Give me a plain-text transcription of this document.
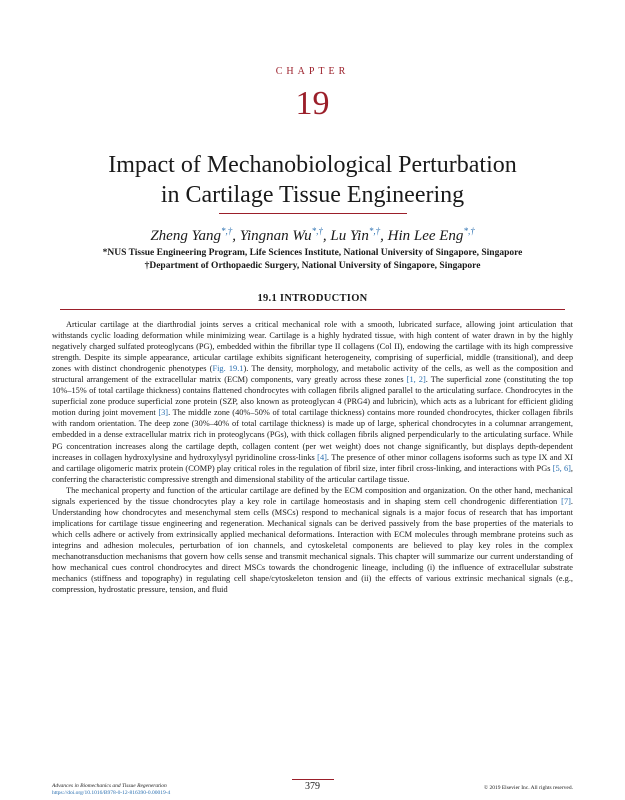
CHAPTER
19
Impact of Mechanobiological Perturbation
in Cartilage Tissue Engineering
Zheng Yang*,†, Yingnan Wu*,†, Lu Yin*,†, Hin Lee Eng*,†
*NUS Tissue Engineering Program, Life Sciences Institute, National University of Singapore, Singapore
†Department of Orthopaedic Surgery, National University of Singapore, Singapore
19.1 INTRODUCTION

Articular cartilage at the diarthrodial joints serves a critical mechanical role with a smooth, lubricated surface, allowing joint articulation that withstands cyclic loading deformation while minimizing wear. Cartilage is a highly hydrated tissue, with high content of water drawn in by the highly negatively charged sulfated proteoglycans (PG), embedded within the fibrillar type II collagens (Col II), endowing the cartilage with its high compressive strength. Despite its simple appearance, articular cartilage exhibits significant heterogeneity, comprising of superficial, middle (transitional), and deep zones with distinct chondrogenic phenotypes (Fig. 19.1). The density, morphology, and metabolic activity of the cells, as well as the composition and structural arrangement of the extracellular matrix (ECM) components, vary greatly across these zones [1, 2]. The superficial zone (constituting the top 10%–15% of total cartilage thickness) contains flattened chondrocytes with collagen fibrils aligned parallel to the articulating surface. Chondrocytes in the superficial zone produce superficial zone protein (SZP, also known as proteoglycan 4 (PRG4) and lubricin), which acts as a lubricant for efficient gliding motion during joint movement [3]. The middle zone (40%–50% of total cartilage thickness) contains more rounded chondrocytes, thicker collagen fibrils with random orientation. The deep zone (30%–40% of total cartilage thickness) is made up of large, spherical chondrocytes in a columnar arrangement, embedded in a dense extracellular matrix rich in proteoglycans (PGs), with thick collagen fibrils aligned perpendicularly to the articulating surface. While PG concentration increases along the cartilage depth, collagen content (per wet weight) does not change significantly, but displays depth-dependent increases in collagen hydroxylysine and hydroxylysyl pyridinoline cross-links [4]. The presence of other minor collagens isoforms such as type IX and XI and cartilage oligomeric matrix protein (COMP) play critical roles in the regulation of fibril size, inter fibril cross-linking, and interactions with PGs [5, 6], conferring the characteristic compressive strength and dimensional stability of the articular cartilage tissue.

The mechanical property and function of the articular cartilage are defined by the ECM composition and organization. On the other hand, mechanical signals experienced by the tissue chondrocytes play a key role in cartilage homeostasis and in shaping stem cell chondrogenic differentiation [7]. Understanding how chondrocytes and mesenchymal stem cells (MSCs) respond to mechanical signals is a major focus of research that has important implications for cartilage tissue engineering and regeneration. Mechanical signals can be derived passively from the base properties of the materials to which cells adhere or actively from extrinsically applied mechanical deformations. Interaction with ECM molecules through membrane proteins such as integrins and adhesion molecules, perturbation of ion channels, and cytoskeletal components are believed to play key roles in the complex mechanotransduction mechanisms that govern how cells sense and transmit mechanical signals. This chapter will summarize our current understanding of how mechanical cues control chondrocytes and direct MSCs towards the chondrogenic lineage, including (i) the influence of extracellular substrate mechanics (stiffness and topography) in regulating cell shape/cytoskeleton tension and (ii) the effects of various extrinsic mechanical signals (e.g., compression, hydrostatic pressure, tension, and fluid

Advances in Biomechanics and Tissue Regeneration
https://doi.org/10.1016/B978-0-12-816390-0.00019-4
379	© 2019 Elsevier Inc. All rights reserved.
